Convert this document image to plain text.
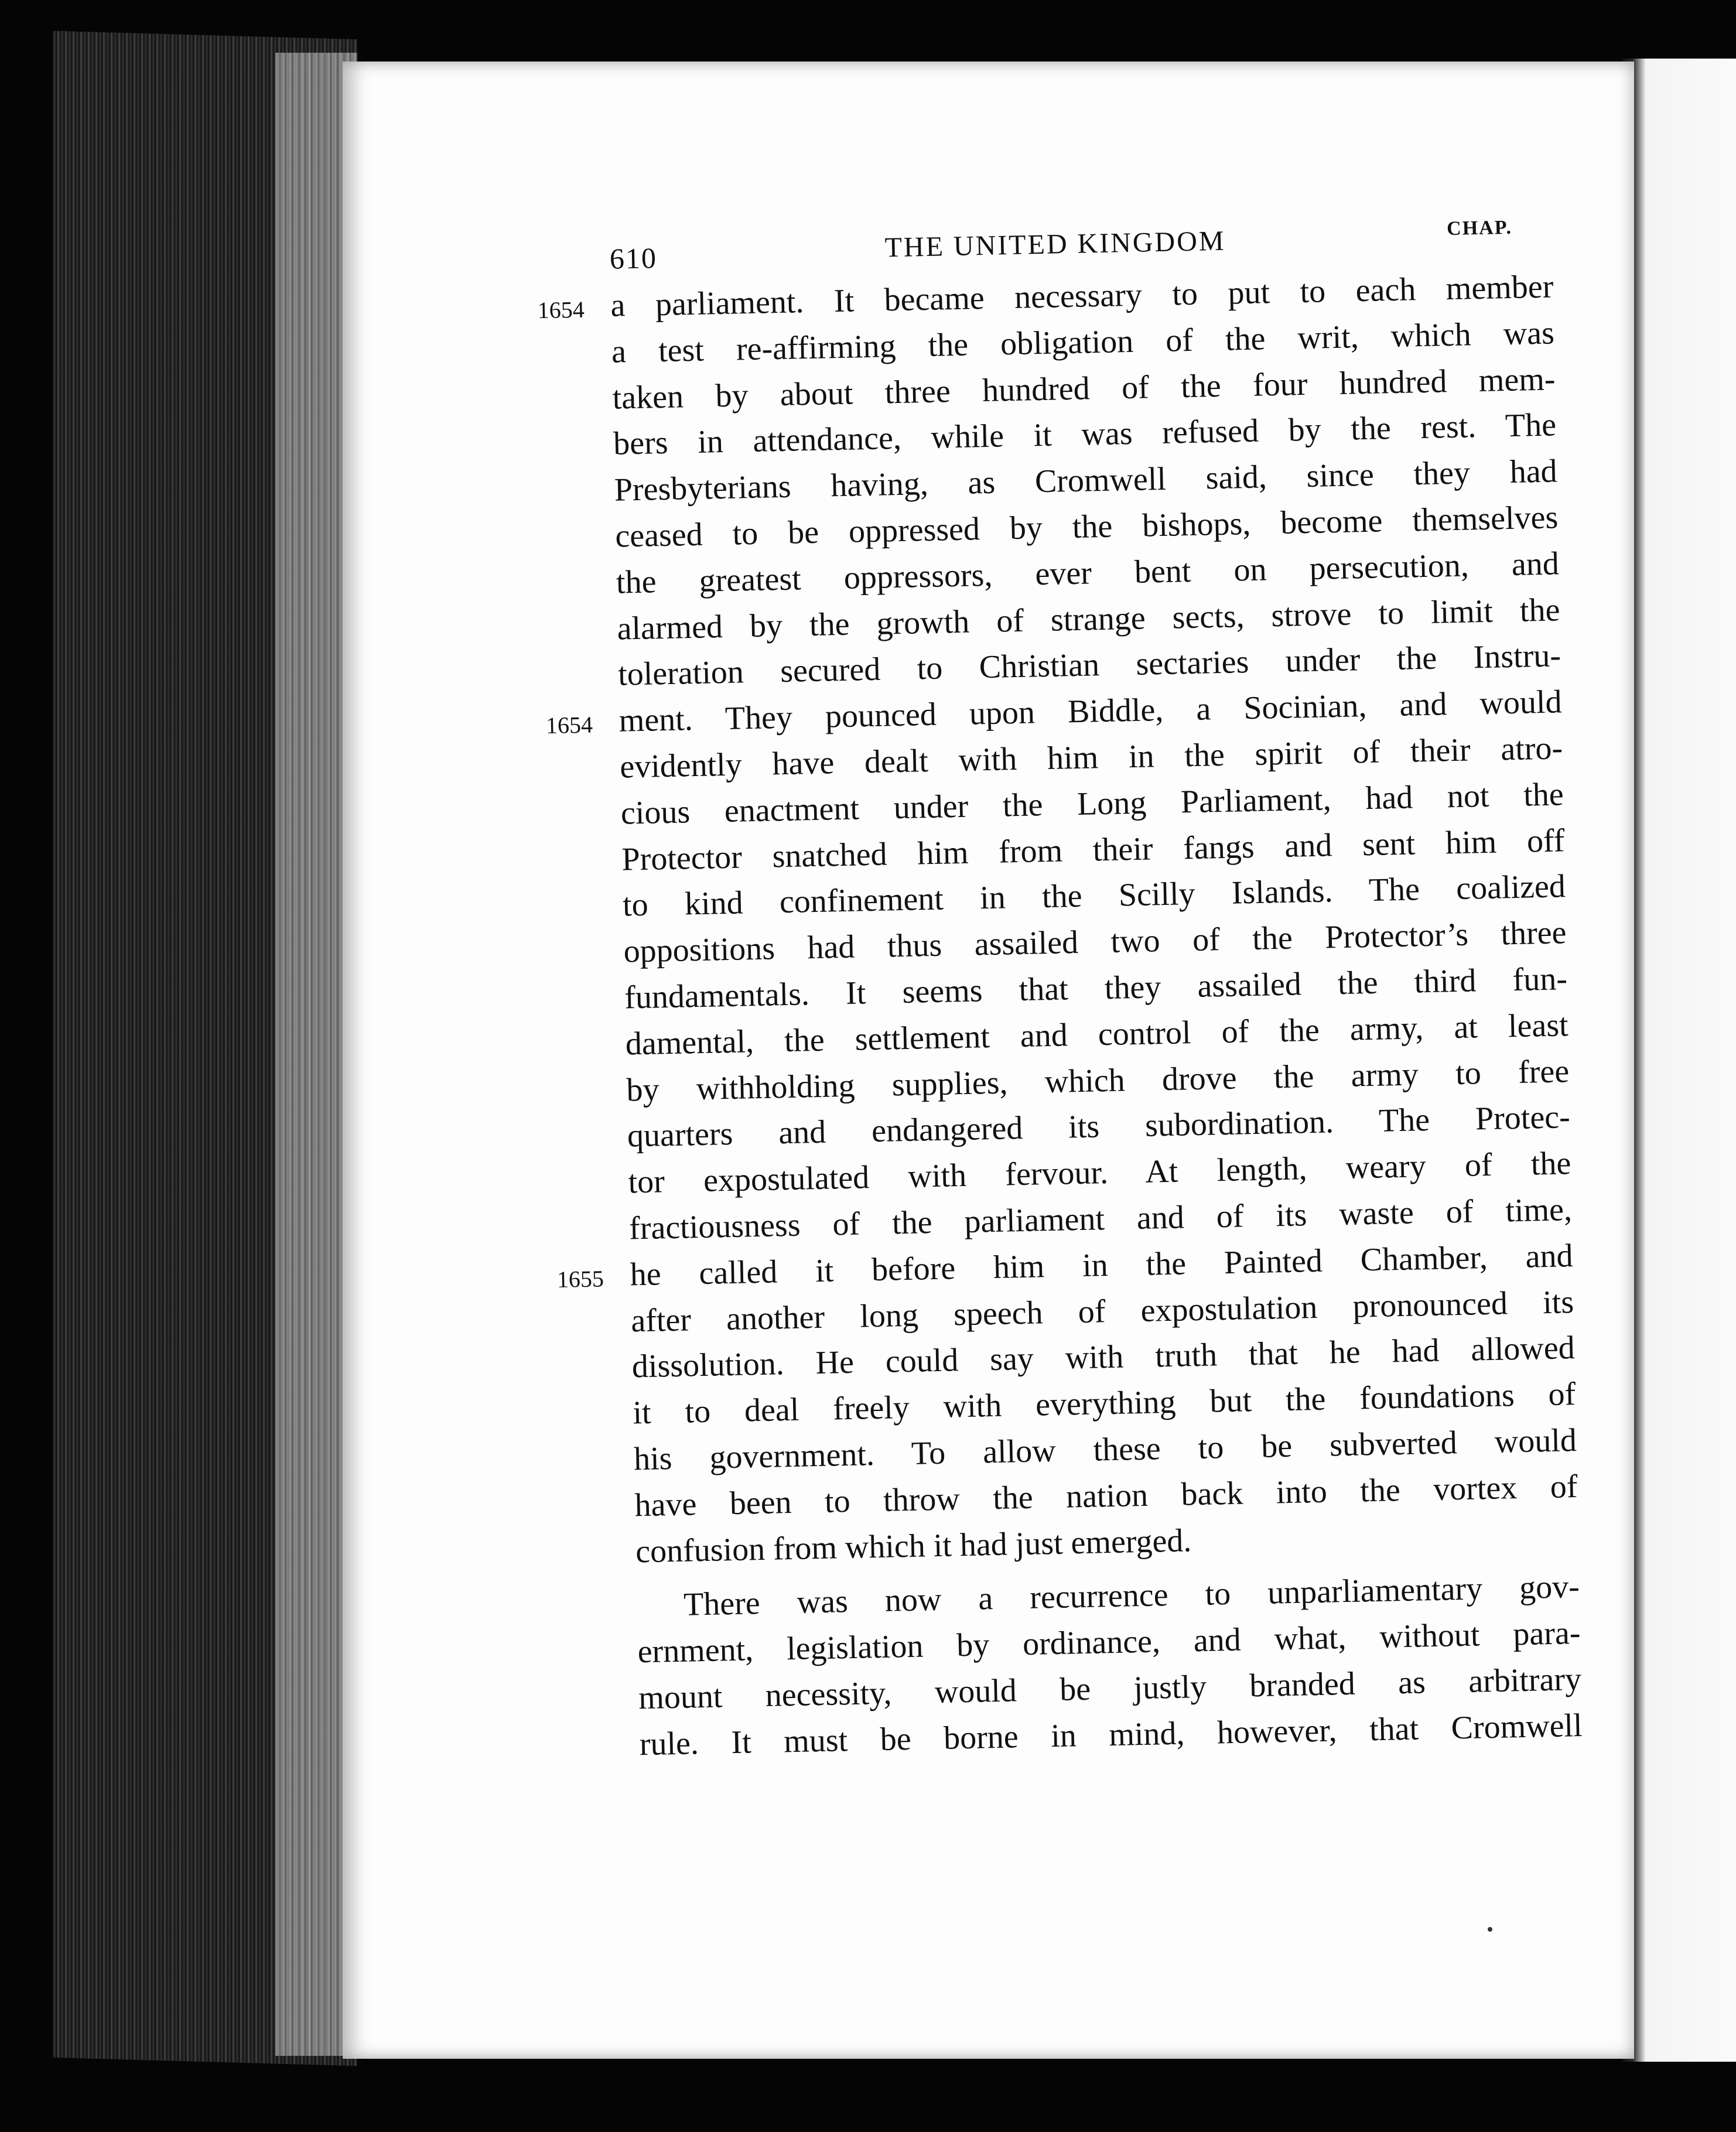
610	THE UNITED KINGDOM	CHAP.
1654 a parliament. It became necessary to put to each member
a test re-affirming the obligation of the writ, which was
taken by about three hundred of the four hundred mem-
bers in attendance, while it was refused by the rest. The
Presbyterians having, as Cromwell said, since they had
ceased to be oppressed by the bishops, become themselves
the greatest oppressors, ever bent on persecution, and
alarmed by the growth of strange sects, strove to limit the
toleration secured to Christian sectaries under the Instru-
1654 ment. They pounced upon Biddle, a Socinian, and would
evidently have dealt with him in the spirit of their atro-
cious enactment under the Long Parliament, had not the
Protector snatched him from their fangs and sent him off
to kind confinement in the Scilly Islands. The coalized
oppositions had thus assailed two of the Protector’s three
fundamentals. It seems that they assailed the third fun-
damental, the settlement and control of the army, at least
by withholding supplies, which drove the army to free
quarters and endangered its subordination. The Protec-
tor expostulated with fervour. At length, weary of the
fractiousness of the parliament and of its waste of time,
1655 he called it before him in the Painted Chamber, and
after another long speech of expostulation pronounced its
dissolution. He could say with truth that he had allowed
it to deal freely with everything but the foundations of
his government. To allow these to be subverted would
have been to throw the nation back into the vortex of
confusion from which it had just emerged.
There was now a recurrence to unparliamentary gov-
ernment, legislation by ordinance, and what, without para-
mount necessity, would be justly branded as arbitrary
rule. It must be borne in mind, however, that Cromwell
